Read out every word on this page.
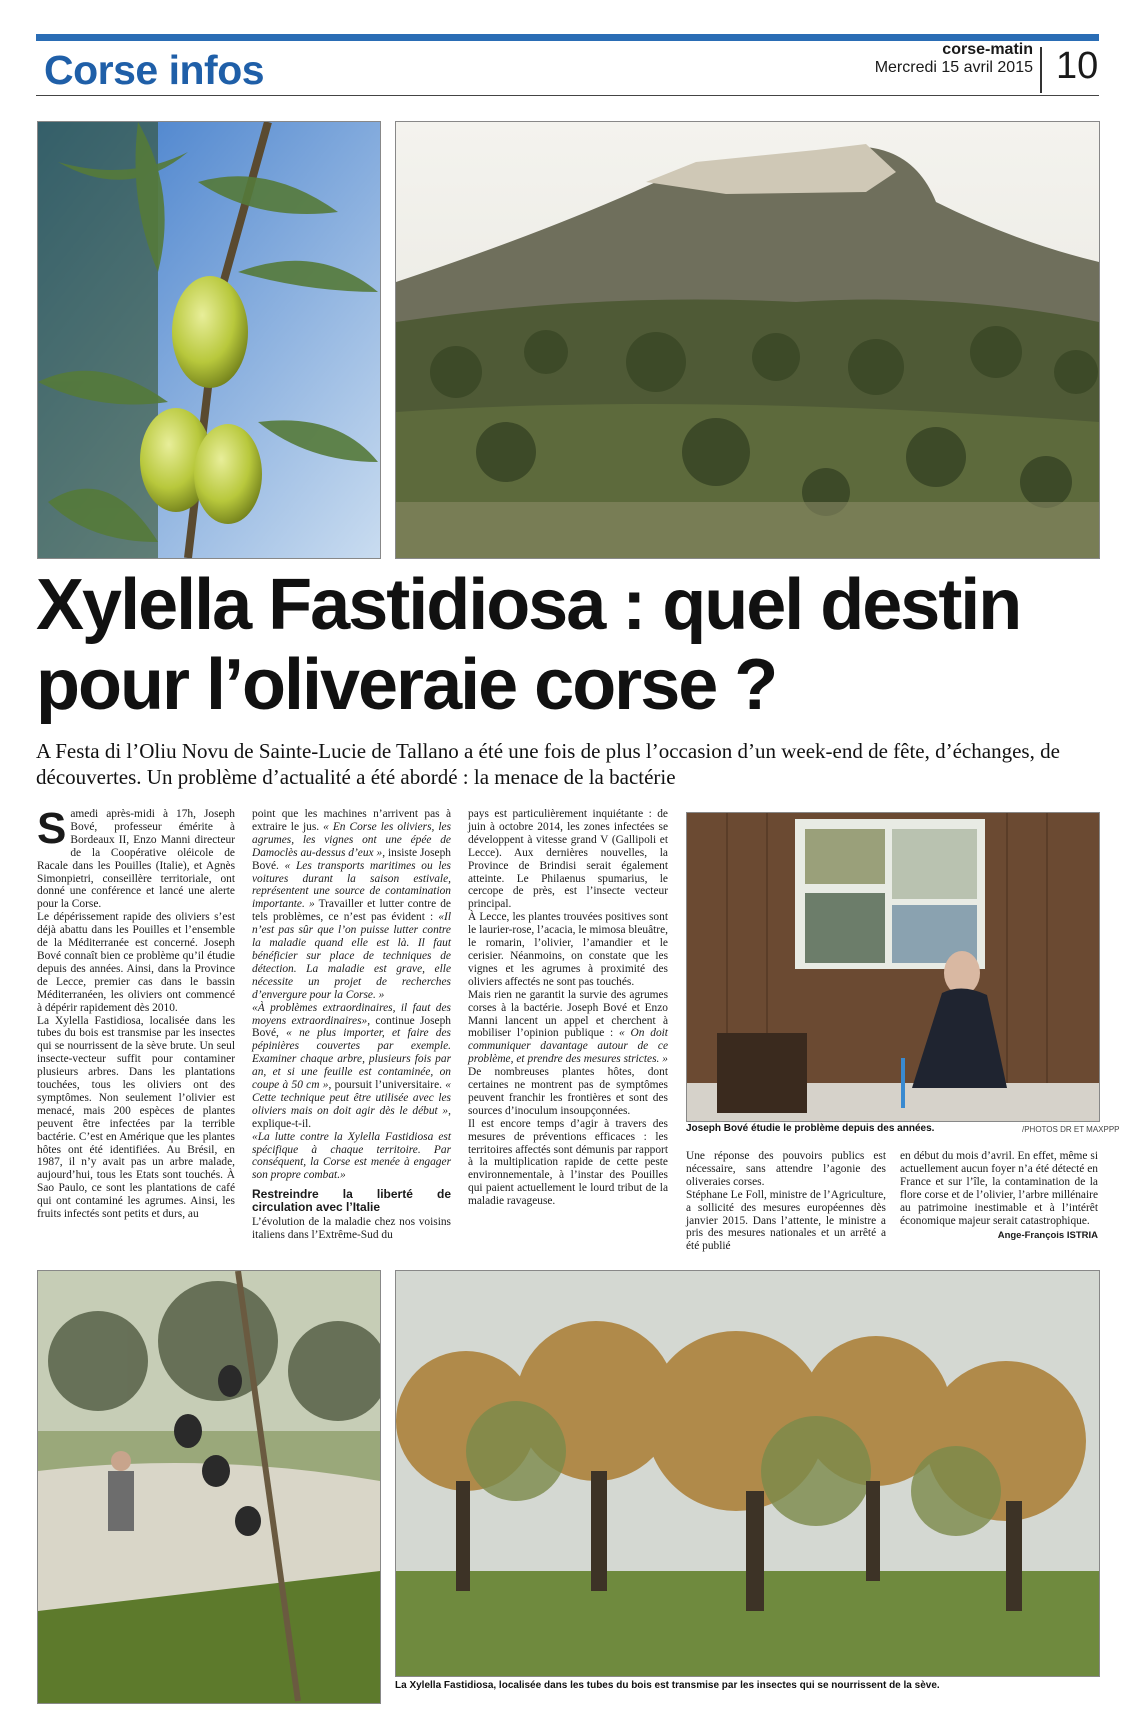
Corse infos	corse-matin
Mercredi 15 avril 2015 10
Xylella Fastidiosa : quel destin
pour l’oliveraie corse ?
A Festa di l’Oliu Novu de Sainte-Lucie de Tallano a été une fois de plus l’occasion d’un week-end de fête, d’échanges, de découvertes. Un problème d’actualité a été abordé : la menace de la bactérie

Samedi après-midi à 17h, Joseph Bové, professeur émérite à Bordeaux II, Enzo Manni directeur de la Coopérative oléicole de Racale dans les Pouilles (Italie), et Agnès Simonpietri, conseillère territoriale, ont donné une conférence et lancé une alerte pour la Corse.

Le dépérissement rapide des oliviers s’est déjà abattu dans les Pouilles et l’ensemble de la Méditerranée est concerné. Joseph Bové connaît bien ce problème qu’il étudie depuis des années. Ainsi, dans la Province de Lecce, premier cas dans le bassin Méditerranéen, les oliviers ont commencé à dépérir rapidement dès 2010.

La Xylella Fastidiosa, localisée dans les tubes du bois est transmise par les insectes qui se nourrissent de la sève brute. Un seul insecte-vecteur suffit pour contaminer plusieurs arbres. Dans les plantations touchées, tous les oliviers ont des symptômes. Non seulement l’olivier est menacé, mais 200 espèces de plantes peuvent être infectées par la terrible bactérie. C’est en Amérique que les plantes hôtes ont été identifiées. Au Brésil, en 1987, il n’y avait pas un arbre malade, aujourd’hui, tous les Etats sont touchés. À Sao Paulo, ce sont les plantations de café qui ont contaminé les agrumes. Ainsi, les fruits infectés sont petits et durs, au

point que les machines n’arrivent pas à extraire le jus. « En Corse les oliviers, les agrumes, les vignes ont une épée de Damoclès au-dessus d’eux », insiste Joseph Bové. « Les transports maritimes ou les voitures durant la saison estivale, représentent une source de contamination importante. » Travailler et lutter contre de tels problèmes, ce n’est pas évident : «Il n’est pas sûr que l’on puisse lutter contre la maladie quand elle est là. Il faut bénéficier sur place de techniques de détection. La maladie est grave, elle nécessite un projet de recherches d’envergure pour la Corse. »

«À problèmes extraordinaires, il faut des moyens extraordinaires», continue Joseph Bové, « ne plus importer, et faire des pépinières couvertes par exemple. Examiner chaque arbre, plusieurs fois par an, et si une feuille est contaminée, on coupe à 50 cm », poursuit l’universitaire. « Cette technique peut être utilisée avec les oliviers mais on doit agir dès le début », explique-t-il.

«La lutte contre la Xylella Fastidiosa est spécifique à chaque territoire. Par conséquent, la Corse est menée à engager son propre combat.»

Restreindre la liberté de circulation avec l’Italie

L’évolution de la maladie chez nos voisins italiens dans l’Extrême-Sud du

pays est particulièrement inquiétante : de juin à octobre 2014, les zones infectées se développent à vitesse grand V (Gallipoli et Lecce). Aux dernières nouvelles, la Province de Brindisi serait également atteinte. Le Philaenus spumarius, le cercope de près, est l’insecte vecteur principal.

À Lecce, les plantes trouvées positives sont le laurier-rose, l’acacia, le mimosa bleuâtre, le romarin, l’olivier, l’amandier et le cerisier. Néanmoins, on constate que les vignes et les agrumes à proximité des oliviers affectés ne sont pas touchés.

Mais rien ne garantit la survie des agrumes corses à la bactérie. Joseph Bové et Enzo Manni lancent un appel et cherchent à mobiliser l’opinion publique : « On doit communiquer davantage autour de ce problème, et prendre des mesures strictes. » De nombreuses plantes hôtes, dont certaines ne montrent pas de symptômes peuvent franchir les frontières et sont des sources d’inoculum insoupçonnées.

Il est encore temps d’agir à travers des mesures de préventions efficaces : les territoires affectés sont démunis par rapport à la multiplication rapide de cette peste environnementale, à l’instar des Pouilles qui paient actuellement le lourd tribut de la maladie ravageuse.

Joseph Bové étudie le problème depuis des années.	/PHOTOS DR ET MAXPPP

Une réponse des pouvoirs publics est nécessaire, sans attendre l’agonie des oliveraies corses.

Stéphane Le Foll, ministre de l’Agriculture, a sollicité des mesures européennes dès janvier 2015. Dans l’attente, le ministre a pris des mesures nationales et un arrêté a été publié

en début du mois d’avril. En effet, même si actuellement aucun foyer n’a été détecté en France et sur l’île, la contamination de la flore corse et de l’olivier, l’arbre millénaire au patrimoine inestimable et à l’intérêt économique majeur serait catastrophique.

Ange-François ISTRIA
La Xylella Fastidiosa, localisée dans les tubes du bois est transmise par les insectes qui se nourrissent de la sève.
